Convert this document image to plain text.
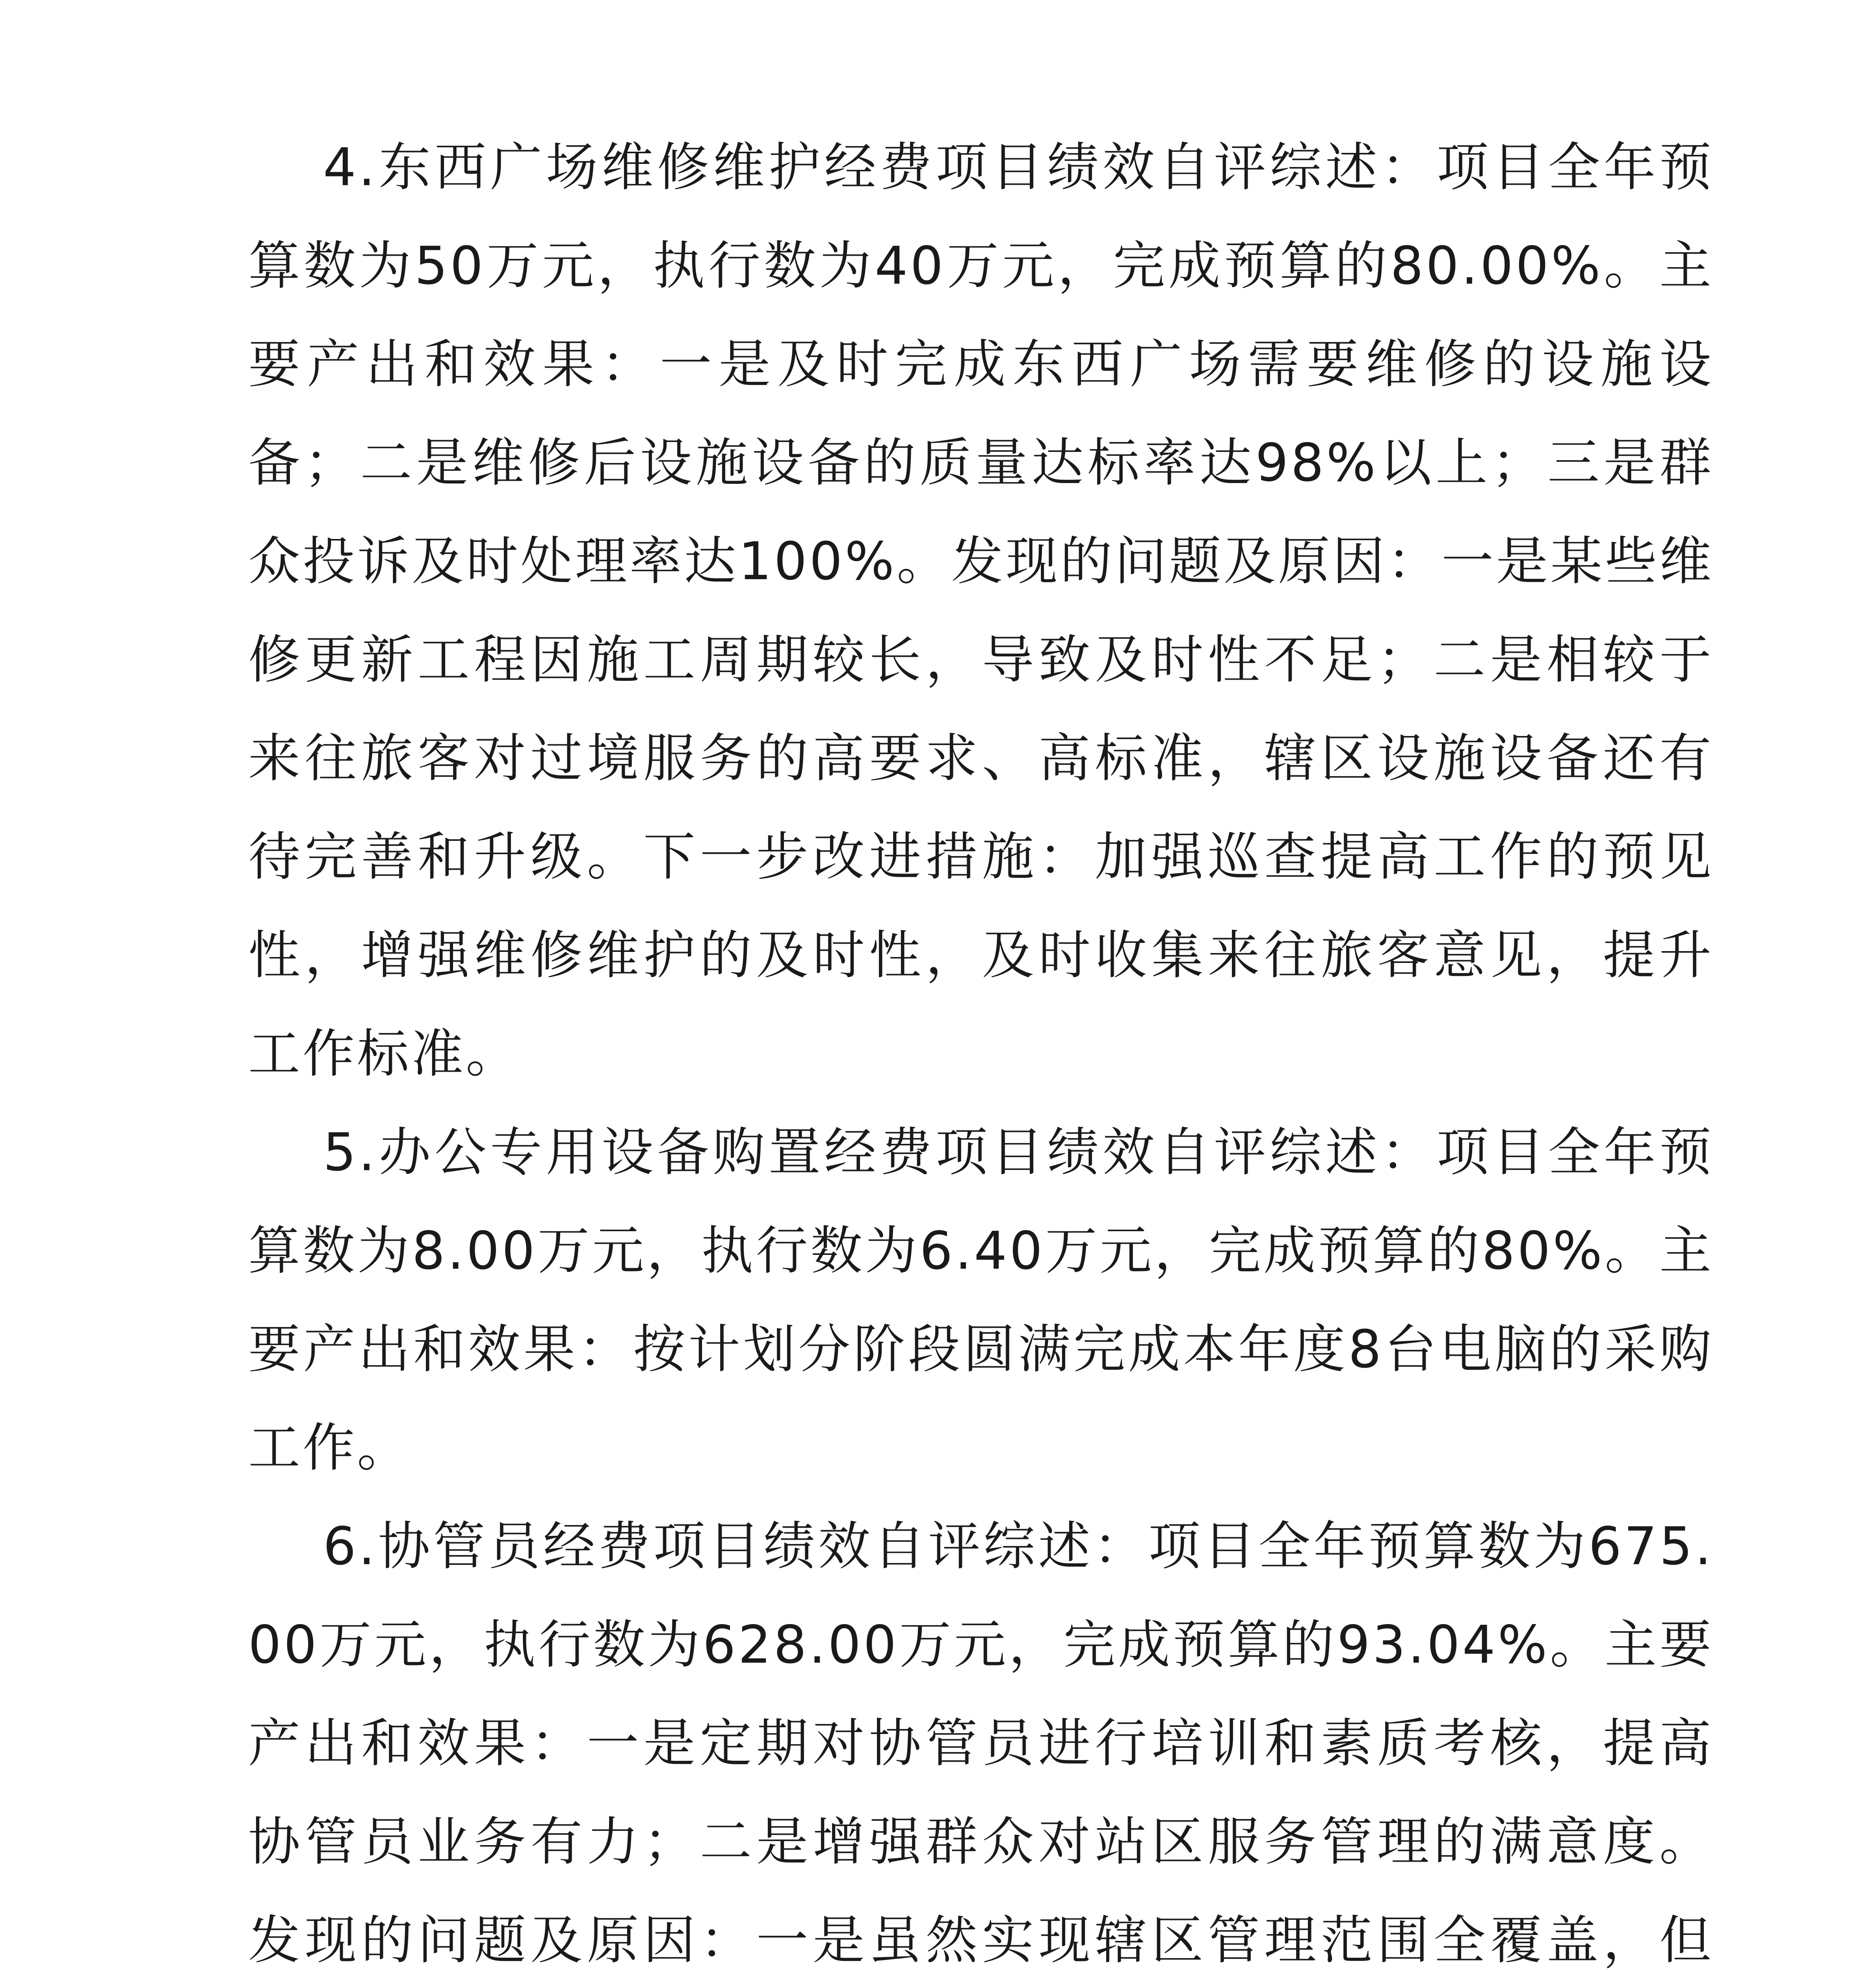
4.东西广场维修维护经费项目绩效自评综述：项目全年预算数为50万元，执行数为40万元，完成预算的80.00%。主要产出和效果：一是及时完成东西广场需要维修的设施设备；二是维修后设施设备的质量达标率达98%以上；三是群众投诉及时处理率达100%。发现的问题及原因：一是某些维修更新工程因施工周期较长，导致及时性不足；二是相较于来往旅客对过境服务的高要求、高标准，辖区设施设备还有待完善和升级。下一步改进措施：加强巡查提高工作的预见性，增强维修维护的及时性，及时收集来往旅客意见，提升工作标准。

5.办公专用设备购置经费项目绩效自评综述：项目全年预算数为8.00万元，执行数为6.40万元，完成预算的80%。主要产出和效果：按计划分阶段圆满完成本年度8台电脑的采购工作。

6.协管员经费项目绩效自评综述：项目全年预算数为675.00万元，执行数为628.00万元，完成预算的93.04%。主要产出和效果：一是定期对协管员进行培训和素质考核，提高协管员业务有力；二是增强群众对站区服务管理的满意度。发现的问题及原因：一是虽然实现辖区管理范围全覆盖，但
